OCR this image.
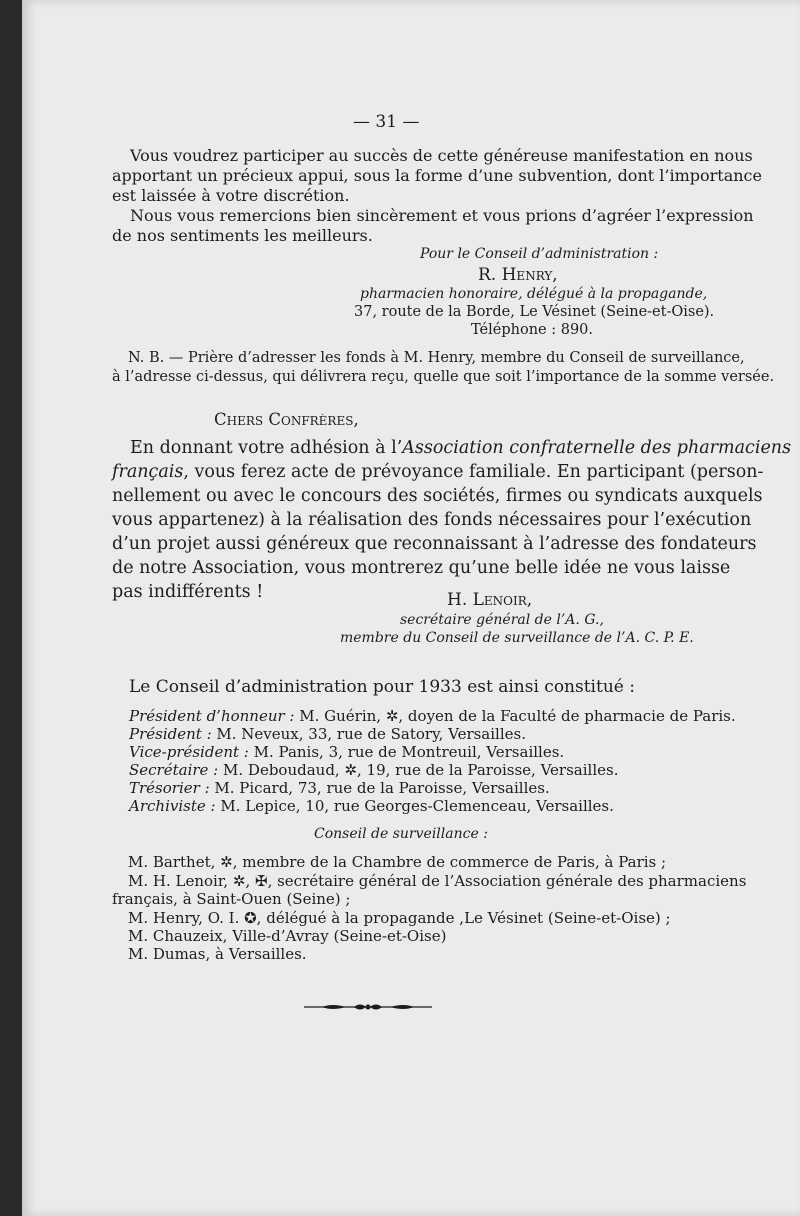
— 31 —
Vous voudrez participer au succès de cette généreuse manifestation en nous
apportant un précieux appui, sous la forme d’une subvention, dont l’importance
est laissée à votre discrétion.
Nous vous remercions bien sincèrement et vous prions d’agréer l’expression
de nos sentiments les meilleurs.
Pour le Conseil d’administration :
R. Henry,
pharmacien honoraire, délégué à la propagande,
37, route de la Borde, Le Vésinet (Seine-et-Oise).
Téléphone : 890.
N. B. — Prière d’adresser les fonds à M. Henry, membre du Conseil de surveillance,
à l’adresse ci-dessus, qui délivrera reçu, quelle que soit l’importance de la somme versée.
Chers Confrères,
En donnant votre adhésion à l’Association confraternelle des pharmaciens
français, vous ferez acte de prévoyance familiale. En participant (person-
nellement ou avec le concours des sociétés, firmes ou syndicats auxquels
vous appartenez) à la réalisation des fonds nécessaires pour l’exécution
d’un projet aussi généreux que reconnaissant à l’adresse des fondateurs
de notre Association, vous montrerez qu’une belle idée ne vous laisse
pas indifférents !	H. Lenoir,
secrétaire général de l’A. G.,
membre du Conseil de surveillance de l’A. C. P. E.
Le Conseil d’administration pour 1933 est ainsi constitué :
Président d’honneur : M. Guérin, ✲, doyen de la Faculté de pharmacie de Paris.
Président : M. Neveux, 33, rue de Satory, Versailles.
Vice-président : M. Panis, 3, rue de Montreuil, Versailles.
Secrétaire : M. Deboudaud, ✲, 19, rue de la Paroisse, Versailles.
Trésorier : M. Picard, 73, rue de la Paroisse, Versailles.
Archiviste : M. Lepice, 10, rue Georges-Clemenceau, Versailles.
Conseil de surveillance :
M. Barthet, ✲, membre de la Chambre de commerce de Paris, à Paris ;
M. H. Lenoir, ✲, ✠, secrétaire général de l’Association générale des pharmaciens
français, à Saint-Ouen (Seine) ;
M. Henry, O. I. ✪, délégué à la propagande ,Le Vésinet (Seine-et-Oise) ;
M. Chauzeix, Ville-d’Avray (Seine-et-Oise)
M. Dumas, à Versailles.
